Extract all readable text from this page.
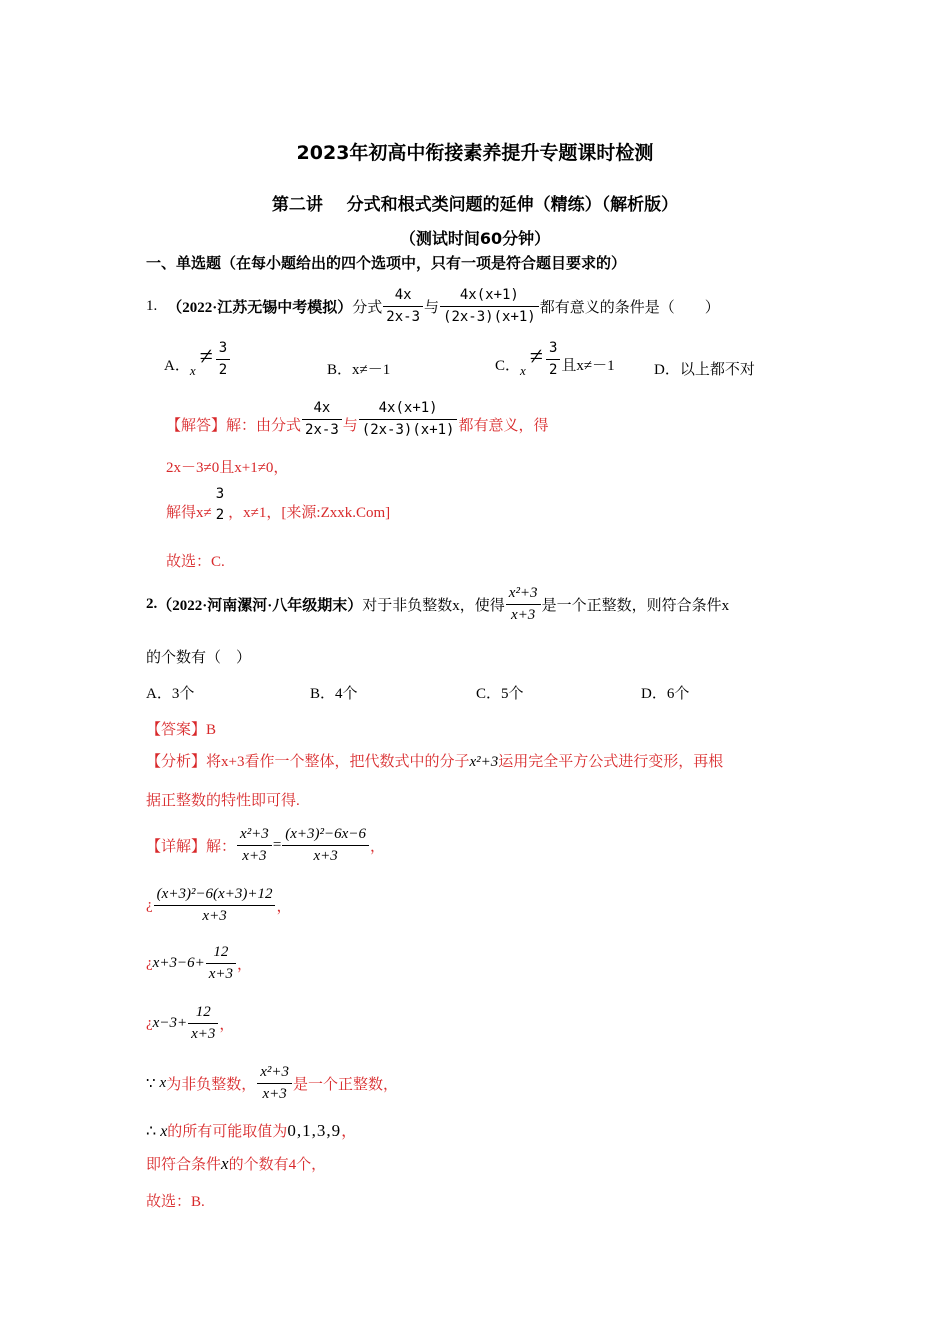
2023年初高中衔接素养提升专题课时检测
第二讲    分式和根式类问题的延伸（精练）（解析版）
（测试时间60分钟）
一、单选题（在每小题给出的四个选项中，只有一项是符合题目要求的）
1. （2022·江苏无锡中考模拟） 分式 $\frac{4x}{2x-3}$ 与 $\frac{4x(x+1)}{(2x-3)(x+1)}$ 都有意义的条件是（　　）
A． x
≠ $\frac{3}{2}$	B．x≠－1	C． x
≠ $\frac{3}{2}$ 且x≠－1	D．以上都不对
【解答】 解：由分式 $\frac{4x}{2x-3}$ 与 $\frac{4x(x+1)}{(2x-3)(x+1)}$ 都有意义，得
2x－3≠0且x+1≠0，
解得x≠
3
2 ，x≠1，[来源:Zxxk.Com]
故选：C.
2. （2022·河南漯河·八年级期末） 对于非负整数x，使得 $\frac{\text{x²+3}}{x+3}$ 是一个正整数，则符合条件x
的个数有（　）
A．3个	B．4个	C．5个	D．6个
【答案】B
【分析】将x+3看作一个整体，把代数式中的分子x²+3运用完全平方公式进行变形，再根
据正整数的特性即可得.
【详解】 解： $\frac{\text{x²+3}}{x+3} = \frac{\text{(x+3)²−6x−6}}{x+3}$ ，
¿ $\frac{\text{(x+3)²−6(x+3)+12}}{x+3}$ ，
¿ $x+3-6+ \frac{12}{x+3}$ ，
¿ $x-3+ \frac{12}{x+3}$ ，
∵ x 为非负整数， $\frac{\text{x²+3}}{x+3}$ 是一个正整数，
∴ x的所有可能取值为0,1,3,9，
即符合条件x的个数有4个，
故选：B.
